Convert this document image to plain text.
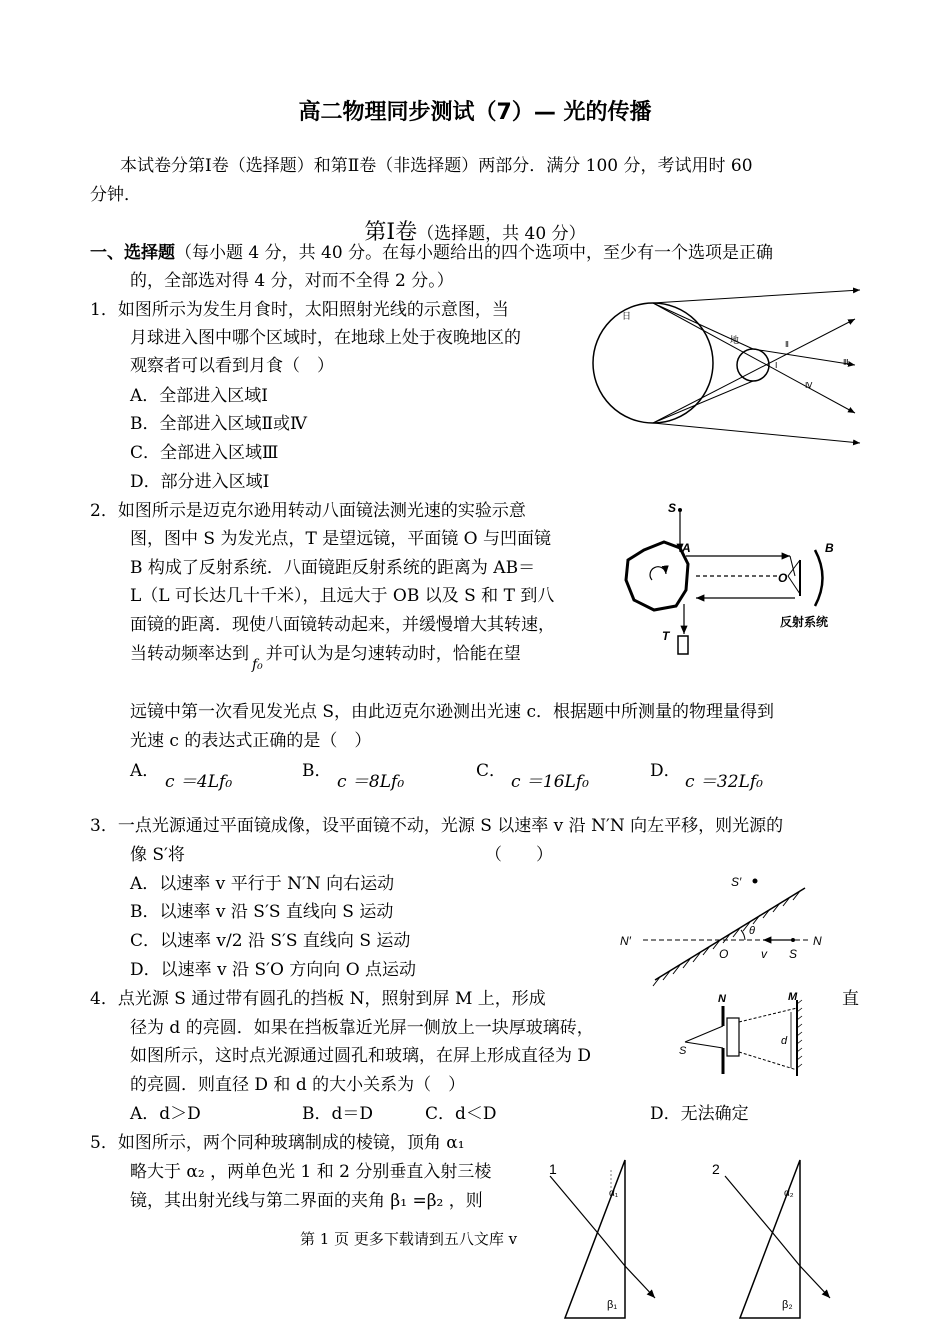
高二物理同步测试（7）— 光的传播
本试卷分第Ⅰ卷（选择题）和第Ⅱ卷（非选择题）两部分．满分 100 分，考试用时 60
分钟．
第Ⅰ卷（选择题，共 40 分）
一、选择题（每小题 4 分，共 40 分。在每小题给出的四个选项中，至少有一个选项是正确
的，全部选对得 4 分，对而不全得 2 分。）
1．如图所示为发生月食时，太阳照射光线的示意图，当
月球进入图中哪个区域时，在地球上处于夜晚地区的
观察者可以看到月食（　）
A．全部进入区域Ⅰ
B．全部进入区域Ⅱ或Ⅳ
C．全部进入区域Ⅲ
D．部分进入区域Ⅰ
日
地
Ⅰ
Ⅱ
Ⅲ
Ⅳ
2．如图所示是迈克尔逊用转动八面镜法测光速的实验示意
图，图中 S 为发光点，T 是望远镜，平面镜 O 与凹面镜
B 构成了反射系统．八面镜距反射系统的距离为 AB＝
L（L 可长达几十千米），且远大于 OB 以及 S 和 T 到八
面镜的距离．现使八面镜转动起来，并缓慢增大其转速，
当转动频率达到$_{f_0}$并可认为是匀速转动时，恰能在望
远镜中第一次看见发光点 S，由此迈克尔逊测出光速 c．根据题中所测量的物理量得到
光速 c 的表达式正确的是（　）
A．
c ＝4Lf₀
B．
c ＝8Lf₀
C．
c ＝16Lf₀
D．
c ＝32Lf₀
S
A	B
O
T
反射系统
3．一点光源通过平面镜成像，设平面镜不动，光源 S 以速率 v 沿 N′N 向左平移，则光源的
像 S′将	（　　）
A．以速率 v 平行于 N′N 向右运动
B．以速率 v 沿 S′S 直线向 S 运动
C．以速率 v/2 沿 S′S 直线向 S 运动
D．以速率 v 沿 S′O 方向向 O 点运动
S′
N′	N
O	v S
θ
4．点光源 S 通过带有圆孔的挡板 N，照射到屏 M 上，形成	直
径为 d 的亮圆．如果在挡板靠近光屏一侧放上一块厚玻璃砖，
如图所示，这时点光源通过圆孔和玻璃，在屏上形成直径为 D
的亮圆．则直径 D 和 d 的大小关系为（　）
A．d＞D	B．d＝D	C．d＜D	D．无法确定
N	M
S
d
5．如图所示，两个同种玻璃制成的棱镜，顶角 α₁
略大于 α₂ ，两单色光 1 和 2 分别垂直入射三棱
镜，其出射光线与第二界面的夹角 β₁ =β₂ ，则
1
α₁
β₁
2
α₂
β₂
第 1 页 更多下载请到五八文库 v
